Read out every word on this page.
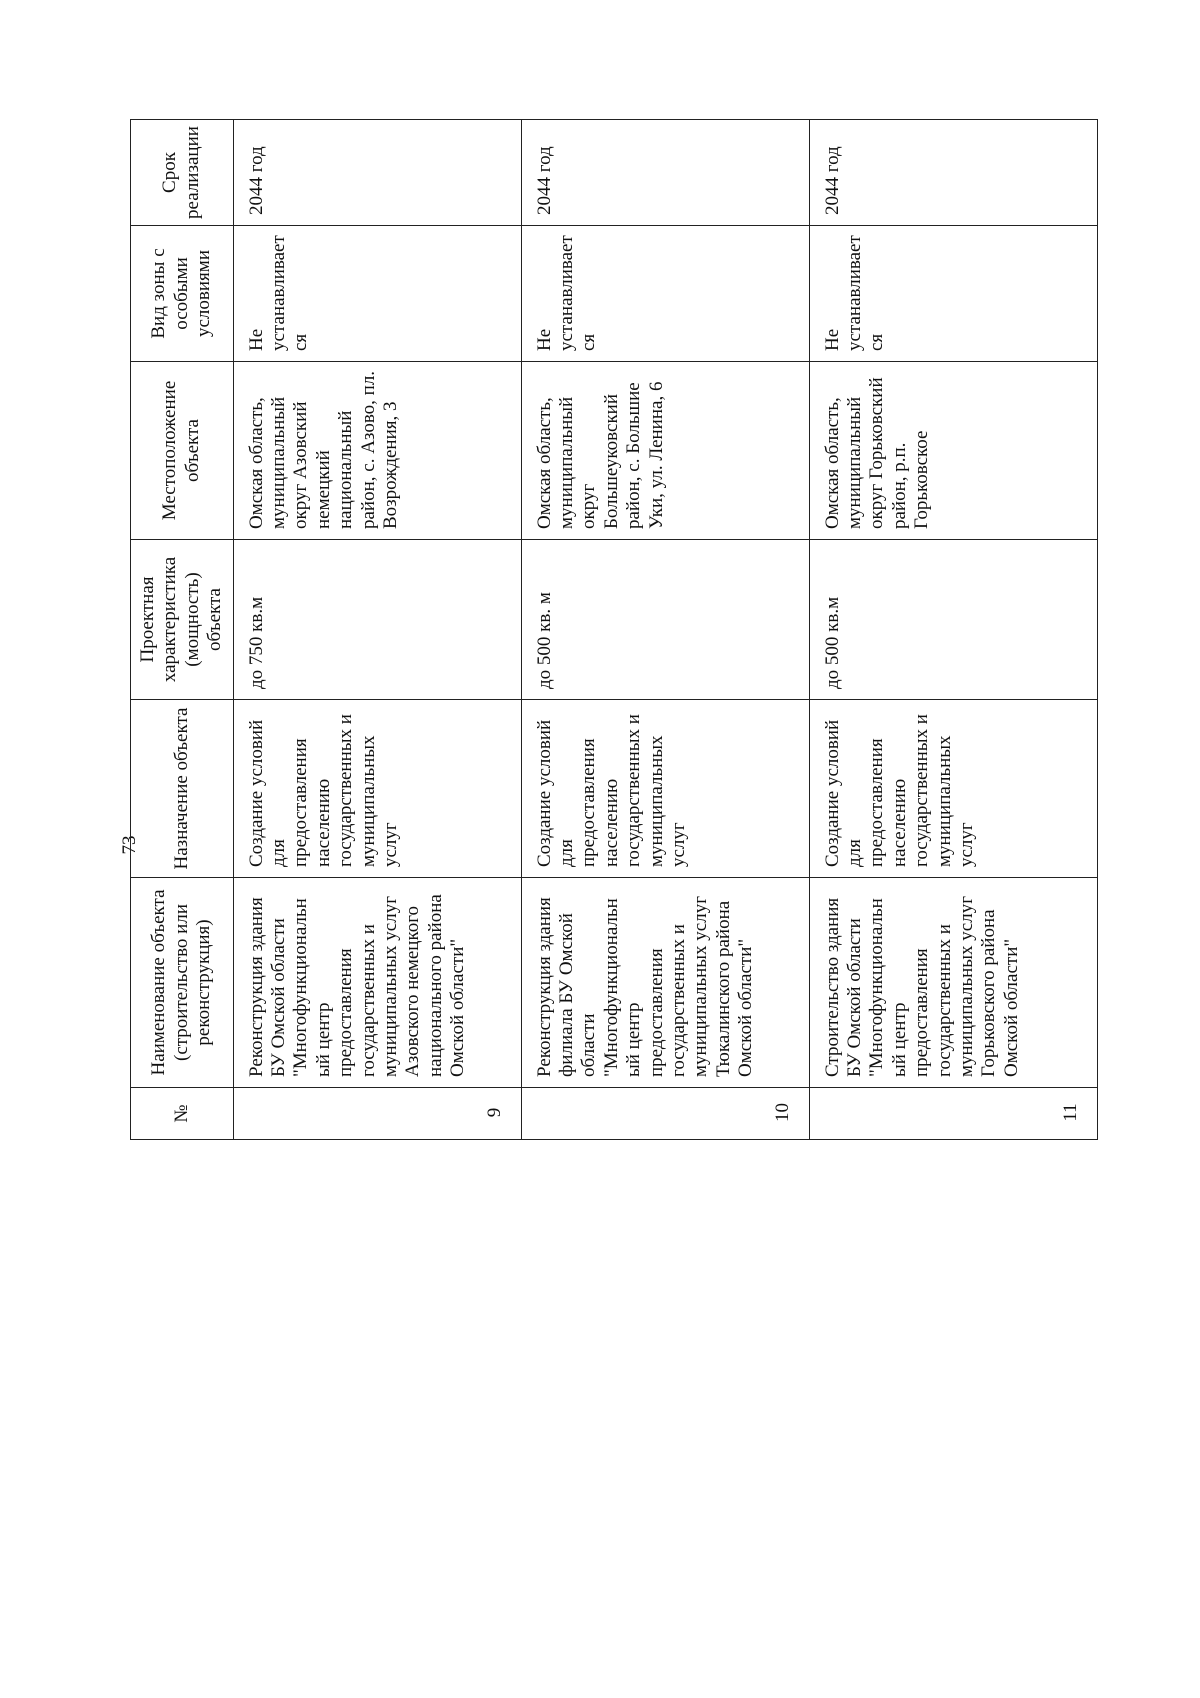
73
№	Наименование объекта (строительство или реконструкция)	Назначение объекта	Проектная характеристика (мощность) объекта	Местоположение объекта	Вид зоны с особыми условиями	Срок реализации
9	Реконструкция здания БУ Омской области "Многофункциональный центр предоставления государственных и муниципальных услуг Азовского немецкого национального района Омской области"	Создание условий для предоставления населению государственных и муниципальных услуг	до 750 кв.м	Омская область, муниципальный округ Азовский немецкий национальный район, с. Азово, пл. Возрождения, 3	Не устанавливается	2044 год
10	Реконструкция здания филиала БУ Омской области "Многофункциональный центр предоставления государственных и муниципальных услуг Тюкалинского района Омской области"	Создание условий для предоставления населению государственных и муниципальных услуг	до 500 кв. м	Омская область, муниципальный округ Большеуковский район, с. Большие Уки, ул. Ленина, 6	Не устанавливается	2044 год
11	Строительство здания БУ Омской области "Многофункциональный центр предоставления государственных и муниципальных услуг Горьковского района Омской области"	Создание условий для предоставления населению государственных и муниципальных услуг	до 500 кв.м	Омская область, муниципальный округ Горьковский район, р.п. Горьковское	Не устанавливается	2044 год
